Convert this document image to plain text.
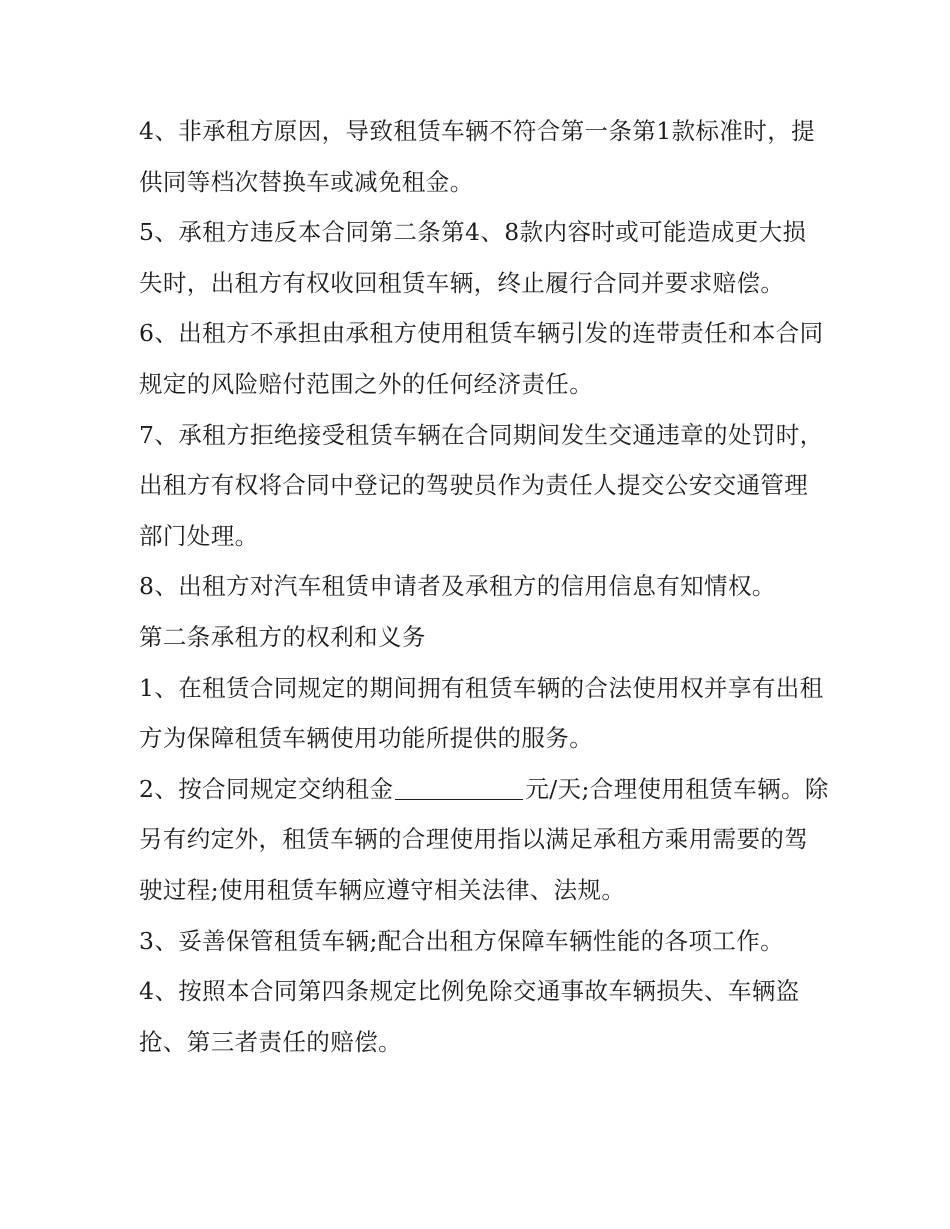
4、非承租方原因，导致租赁车辆不符合第一条第1款标准时，提供同等档次替换车或减免租金。

5、承租方违反本合同第二条第4、8款内容时或可能造成更大损失时，出租方有权收回租赁车辆，终止履行合同并要求赔偿。

6、出租方不承担由承租方使用租赁车辆引发的连带责任和本合同规定的风险赔付范围之外的任何经济责任。

7、承租方拒绝接受租赁车辆在合同期间发生交通违章的处罚时，出租方有权将合同中登记的驾驶员作为责任人提交公安交通管理部门处理。

8、出租方对汽车租赁申请者及承租方的信用信息有知情权。

第二条承租方的权利和义务

1、在租赁合同规定的期间拥有租赁车辆的合法使用权并享有出租方为保障租赁车辆使用功能所提供的服务。

2、按合同规定交纳租金	元/天;合理使用租赁车辆。除另有约定外，租赁车辆的合理使用指以满足承租方乘用需要的驾驶过程;使用租赁车辆应遵守相关法律、法规。

3、妥善保管租赁车辆;配合出租方保障车辆性能的各项工作。

4、按照本合同第四条规定比例免除交通事故车辆损失、车辆盗抢、第三者责任的赔偿。
